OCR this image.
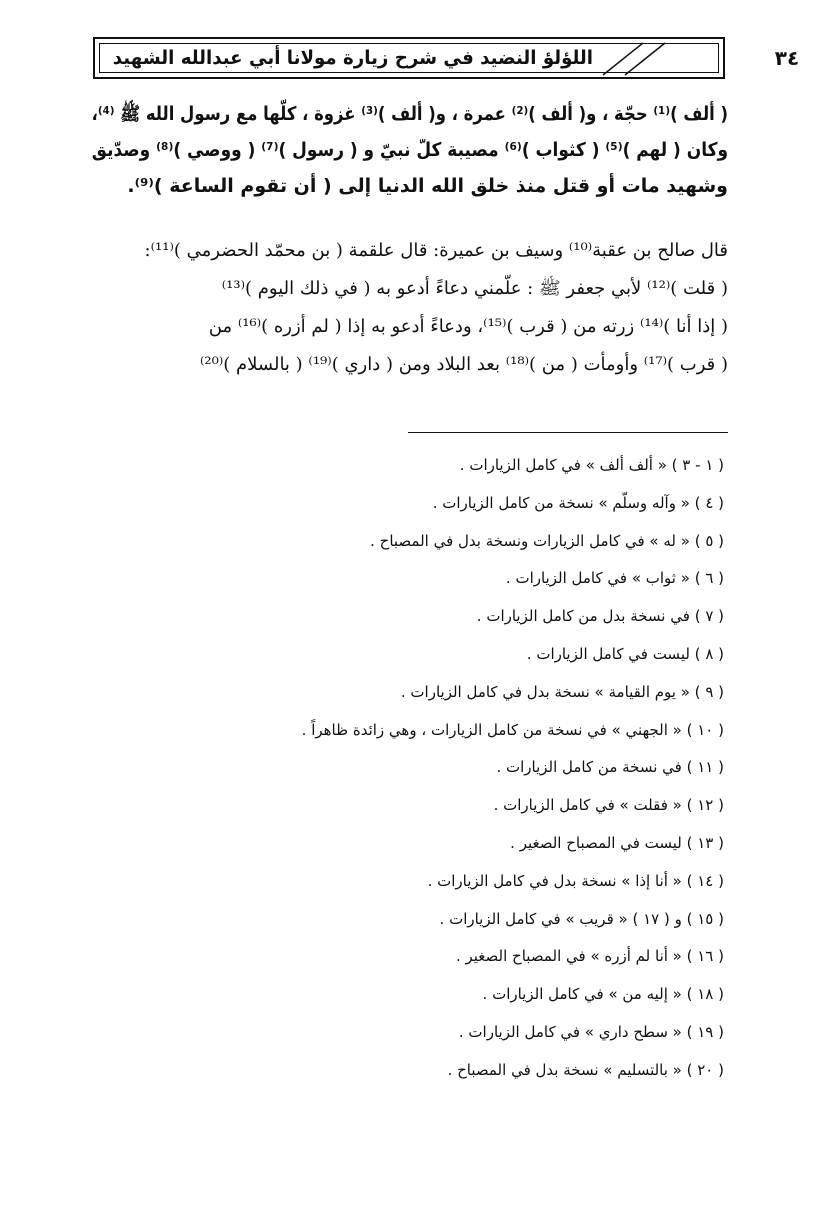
اللؤلؤ النضيد في شرح زيارة مولانا أبي عبدالله الشهيد	٣٤
( ألف )⁽¹⁾ حجّة ، و( ألف )⁽²⁾ عمرة ، و( ألف )⁽³⁾ غزوة ، كلّها مع رسول الله ﷺ ⁽⁴⁾،
وكان ( لهم )⁽⁵⁾ ( كثواب )⁽⁶⁾ مصيبة كلّ نبيّ و ( رسول )⁽⁷⁾ ( ووصي )⁽⁸⁾ وصدّيق
وشهيد مات أو قتل منذ خلق الله الدنيا إلى ( أن تقوم الساعة )⁽⁹⁾.
قال صالح بن عقبة⁽¹⁰⁾ وسيف بن عميرة: قال علقمة ( بن محمّد الحضرمي )⁽¹¹⁾:
( قلت )⁽¹²⁾ لأبي جعفر ﷺ : علّمني دعاءً أدعو به ( في ذلك اليوم )⁽¹³⁾
( إذا أنا )⁽¹⁴⁾ زرته من ( قرب )⁽¹⁵⁾، ودعاءً أدعو به إذا ( لم أزره )⁽¹⁶⁾ من
( قرب )⁽¹⁷⁾ وأومأت ( من )⁽¹⁸⁾ بعد البلاد ومن ( داري )⁽¹⁹⁾ ( بالسلام )⁽²⁰⁾
( ١ - ٣ ) « ألف ألف » في كامل الزيارات .
( ٤ ) « وآله وسلّم » نسخة من كامل الزيارات .
( ٥ ) « له » في كامل الزيارات ونسخة بدل في المصباح .
( ٦ ) « ثواب » في كامل الزيارات .
( ٧ ) في نسخة بدل من كامل الزيارات .
( ٨ ) ليست في كامل الزيارات .
( ٩ ) « يوم القيامة » نسخة بدل في كامل الزيارات .
( ١٠ ) « الجهني » في نسخة من كامل الزيارات ، وهي زائدة ظاهراً .
( ١١ ) في نسخة من كامل الزيارات .
( ١٢ ) « فقلت » في كامل الزيارات .
( ١٣ ) ليست في المصباح الصغير .
( ١٤ ) « أنا إذا » نسخة بدل في كامل الزيارات .
( ١٥ ) و ( ١٧ ) « قريب » في كامل الزيارات .
( ١٦ ) « أنا لم أزره » في المصباح الصغير .
( ١٨ ) « إليه من » في كامل الزيارات .
( ١٩ ) « سطح داري » في كامل الزيارات .
( ٢٠ ) « بالتسليم » نسخة بدل في المصباح .
